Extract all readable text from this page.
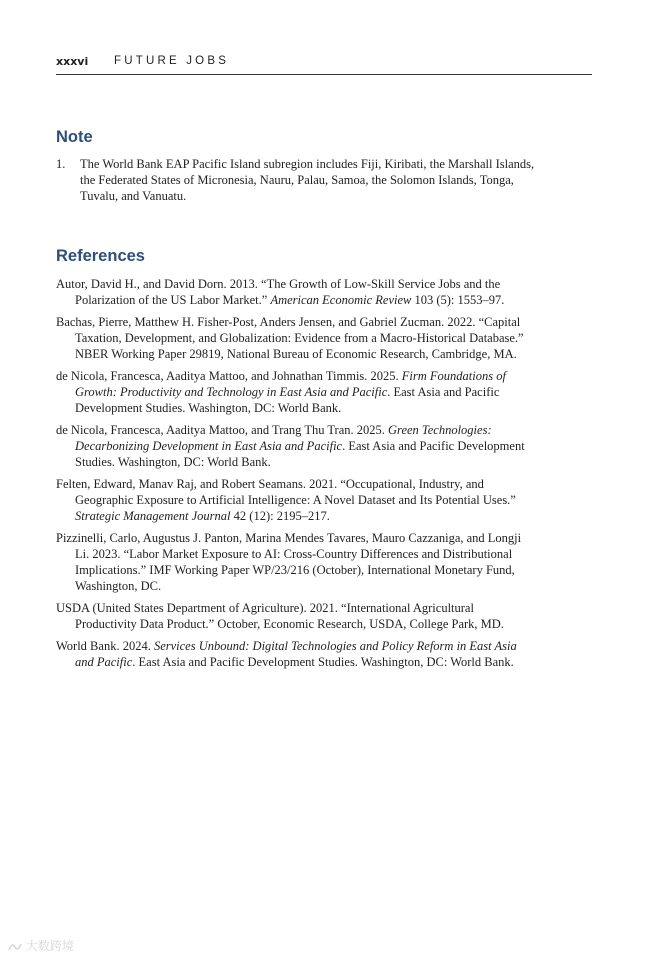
xxxvi FUTURE JOBS
Note
1. The World Bank EAP Pacific Island subregion includes Fiji, Kiribati, the Marshall Islands, the Federated States of Micronesia, Nauru, Palau, Samoa, the Solomon Islands, Tonga, Tuvalu, and Vanuatu.
References
Autor, David H., and David Dorn. 2013. “The Growth of Low-Skill Service Jobs and the Polarization of the US Labor Market.” American Economic Review 103 (5): 1553–97.
Bachas, Pierre, Matthew H. Fisher-Post, Anders Jensen, and Gabriel Zucman. 2022. “Capital Taxation, Development, and Globalization: Evidence from a Macro-Historical Database.” NBER Working Paper 29819, National Bureau of Economic Research, Cambridge, MA.
de Nicola, Francesca, Aaditya Mattoo, and Johnathan Timmis. 2025. Firm Foundations of Growth: Productivity and Technology in East Asia and Pacific. East Asia and Pacific Development Studies. Washington, DC: World Bank.
de Nicola, Francesca, Aaditya Mattoo, and Trang Thu Tran. 2025. Green Technologies: Decarbonizing Development in East Asia and Pacific. East Asia and Pacific Development Studies. Washington, DC: World Bank.
Felten, Edward, Manav Raj, and Robert Seamans. 2021. “Occupational, Industry, and Geographic Exposure to Artificial Intelligence: A Novel Dataset and Its Potential Uses.” Strategic Management Journal 42 (12): 2195–217.
Pizzinelli, Carlo, Augustus J. Panton, Marina Mendes Tavares, Mauro Cazzaniga, and Longji Li. 2023. “Labor Market Exposure to AI: Cross-Country Differences and Distributional Implications.” IMF Working Paper WP/23/216 (October), International Monetary Fund, Washington, DC.
USDA (United States Department of Agriculture). 2021. “International Agricultural Productivity Data Product.” October, Economic Research, USDA, College Park, MD.
World Bank. 2024. Services Unbound: Digital Technologies and Policy Reform in East Asia and Pacific. East Asia and Pacific Development Studies. Washington, DC: World Bank.
大数跨境
